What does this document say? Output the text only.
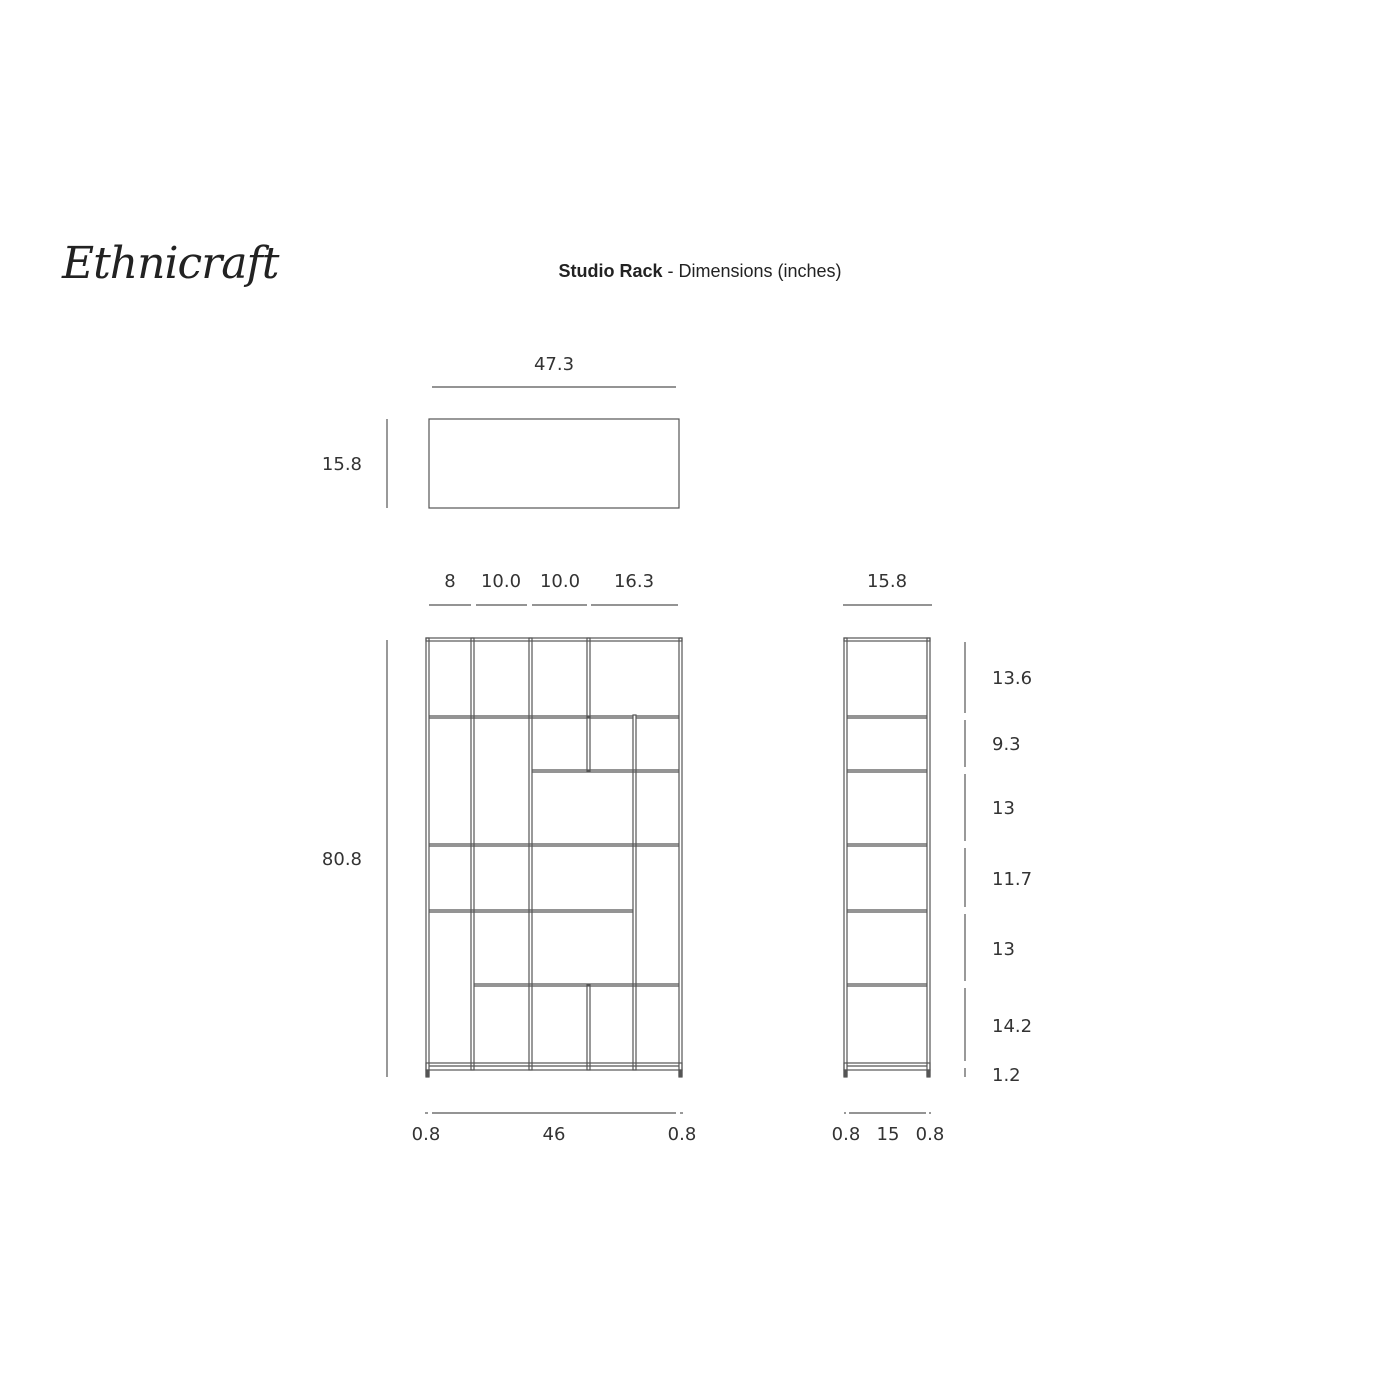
Ethnicraft	Studio Rack - Dimensions (inches)
47.3
15.8
8 10.0 10.0 16.3
80.8
0.8	46	0.8
15.8
13.6
9.3
13
11.7
13
14.2
1.2
0.8 15 0.8
